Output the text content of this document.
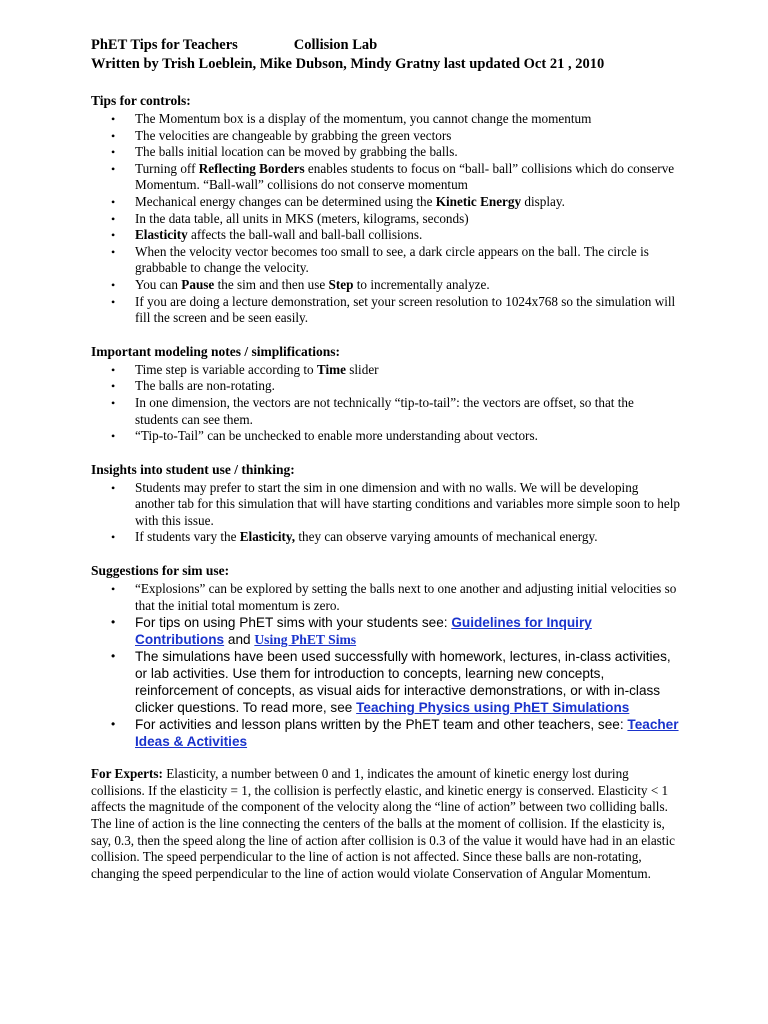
PhET Tips for Teachers	Collision Lab
Written by Trish Loeblein, Mike Dubson, Mindy Gratny last updated Oct 21 , 2010
Tips for controls:
• The Momentum box is a display of the momentum, you cannot change the momentum
• The velocities are changeable by grabbing the green vectors
• The balls initial location can be moved by grabbing the balls.
• Turning off Reflecting Borders enables students to focus on “ball- ball” collisions which do conserve Momentum. “Ball-wall” collisions do not conserve momentum
• Mechanical energy changes can be determined using the Kinetic Energy display.
• In the data table, all units in MKS (meters, kilograms, seconds)
• Elasticity affects the ball-wall and ball-ball collisions.
• When the velocity vector becomes too small to see, a dark circle appears on the ball. The circle is grabbable to change the velocity.
• You can Pause the sim and then use Step to incrementally analyze.
• If you are doing a lecture demonstration, set your screen resolution to 1024x768 so the simulation will fill the screen and be seen easily.
Important modeling notes / simplifications:
• Time step is variable according to Time slider
• The balls are non-rotating.
• In one dimension, the vectors are not technically “tip-to-tail”: the vectors are offset, so that the students can see them.
• “Tip-to-Tail” can be unchecked to enable more understanding about vectors.
Insights into student use / thinking:
• Students may prefer to start the sim in one dimension and with no walls. We will be developing another tab for this simulation that will have starting conditions and variables more simple soon to help with this issue.
• If students vary the Elasticity, they can observe varying amounts of mechanical energy.
Suggestions for sim use:
• “Explosions” can be explored by setting the balls next to one another and adjusting initial velocities so that the initial total momentum is zero.
• For tips on using PhET sims with your students see: Guidelines for Inquiry Contributions and Using PhET Sims
• The simulations have been used successfully with homework, lectures, in-class activities, or lab activities. Use them for introduction to concepts, learning new concepts, reinforcement of concepts, as visual aids for interactive demonstrations, or with in-class clicker questions. To read more, see Teaching Physics using PhET Simulations
• For activities and lesson plans written by the PhET team and other teachers, see: Teacher Ideas & Activities

For Experts: Elasticity, a number between 0 and 1, indicates the amount of kinetic energy lost during collisions. If the elasticity = 1, the collision is perfectly elastic, and kinetic energy is conserved. Elasticity < 1 affects the magnitude of the component of the velocity along the “line of action” between two colliding balls. The line of action is the line connecting the centers of the balls at the moment of collision. If the elasticity is, say, 0.3, then the speed along the line of action after collision is 0.3 of the value it would have had in an elastic collision. The speed perpendicular to the line of action is not affected. Since these balls are non-rotating, changing the speed perpendicular to the line of action would violate Conservation of Angular Momentum.
